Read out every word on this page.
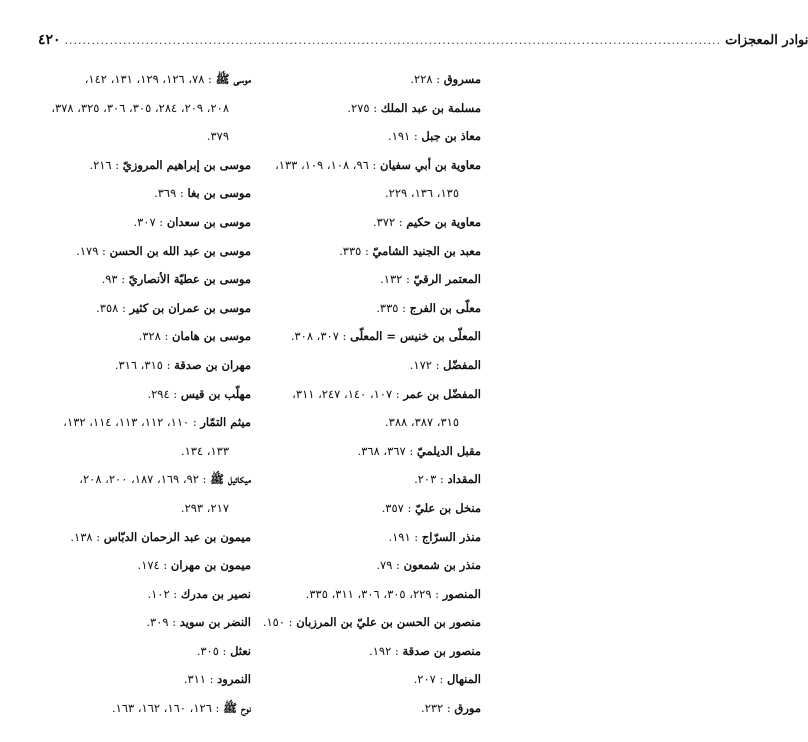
٤٢٠ .................................................................................................................................................. نوادر المعجزات
مسروق : ٢٢٨.
مسلمة بن عبد الملك : ٢٧٥.
معاذ بن جبل : ١٩١.
معاوية بن أبي سفيان : ٩٦، ١٠٨، ١٠٩، ١٣٣،
١٣٥، ١٣٦، ٢٢٩.
معاوية بن حكيم : ٣٧٢.
معبد بن الجنيد الشاميّ : ٣٣٥.
المعتمر الرقيّ : ١٣٢.
معلّى بن الفرج : ٣٣٥.
المعلّى بن خنيس = المعلّى : ٣٠٧، ٣٠٨.
المفضّل : ١٧٢.
المفضّل بن عمر : ١٠٧، ١٤٠، ٢٤٧، ٣١١،
٣١٥، ٣٨٧، ٣٨٨.
مقبل الديلميّ : ٣٦٧، ٣٦٨.
المقداد : ٢٠٣.
منخل بن عليّ : ٣٥٧.
منذر السرّاج : ١٩١.
منذر بن شمعون : ٧٩.
المنصور : ٢٢٩، ٣٠٥، ٣٠٦، ٣١١، ٣٣٥.
منصور بن الحسن بن عليّ بن المرزبان : ١٥٠.
منصور بن صدقة : ١٩٢.
المنهال : ٢٠٧.
مورق : ٢٣٢.
موسى ﷺ : ٧٨، ١٢٦، ١٢٩، ١٣١، ١٤٢،
٢٠٨، ٢٠٩، ٢٨٤، ٣٠٥، ٣٠٦، ٣٢٥، ٣٧٨،
٣٧٩.
موسى بن إبراهيم المروزيّ : ٢١٦.
موسى بن بغا : ٣٦٩.
موسى بن سعدان : ٣٠٧.
موسى بن عبد الله بن الحسن : ١٧٩.
موسى بن عطيّة الأنصاريّ : ٩٣.
موسى بن عمران بن كثير : ٣٥٨.
موسى بن هامان : ٣٢٨.
مهران بن صدقة : ٣١٥، ٣١٦.
مهلّب بن قيس : ٢٩٤.
ميثم التمّار : ١١٠، ١١٢، ١١٣، ١١٤، ١٣٢،
١٣٣، ١٣٤.
ميكائيل ﷺ : ٩٢، ١٦٩، ١٨٧، ٢٠٠، ٢٠٨،
٢١٧، ٢٩٣.
ميمون بن عبد الرحمان الدبّاس : ١٣٨.
ميمون بن مهران : ١٧٤.
نصير بن مدرك : ١٠٢.
النضر بن سويد : ٣٠٩.
نعثل : ٣٠٥.
النمرود : ٣١١.
نوح ﷺ : ١٢٦، ١٦٠، ١٦٢، ١٦٣.
